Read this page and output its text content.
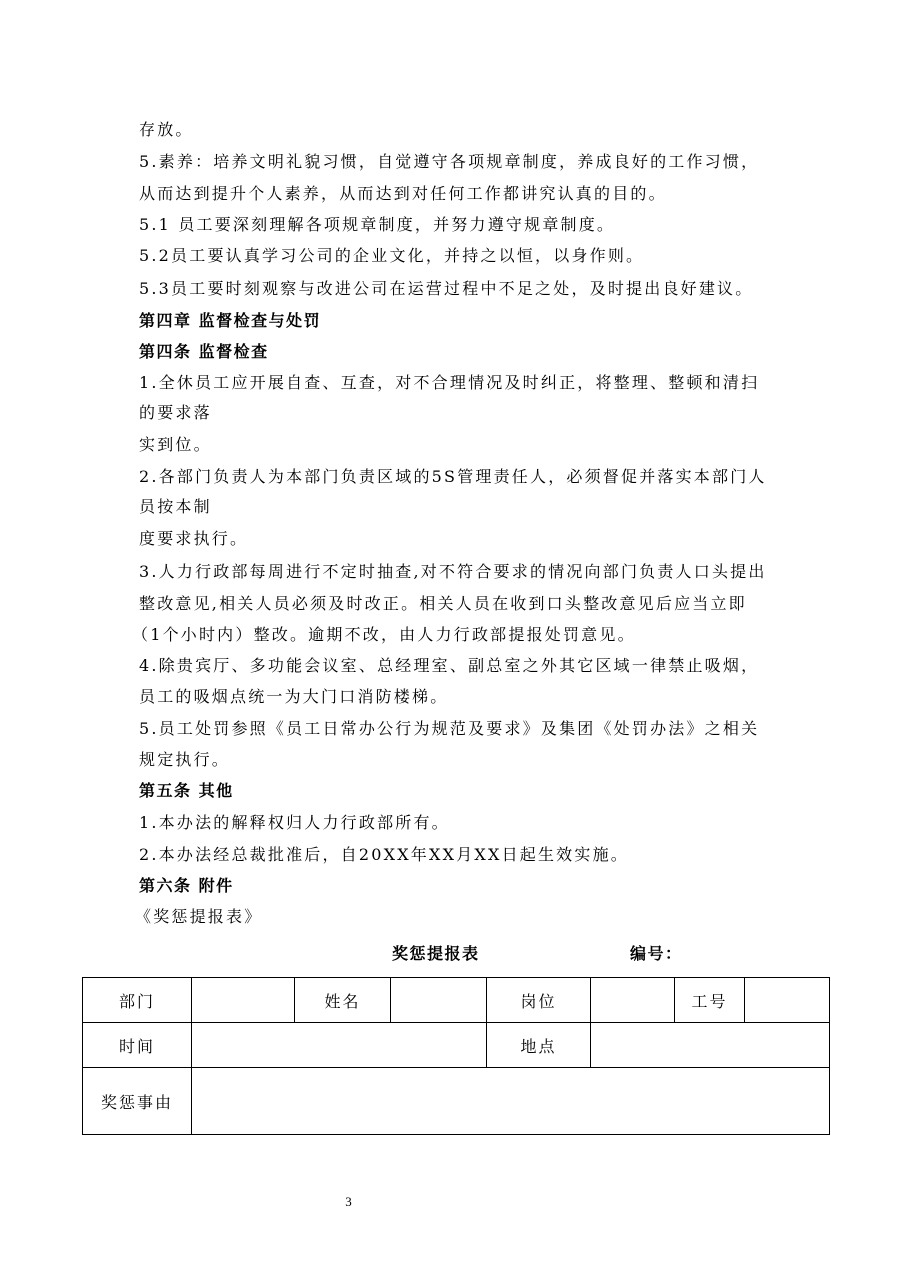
存放。
5.素养：培养文明礼貌习惯，自觉遵守各项规章制度，养成良好的工作习惯，
从而达到提升个人素养，从而达到对任何工作都讲究认真的目的。
5.1 员工要深刻理解各项规章制度，并努力遵守规章制度。
5.2员工要认真学习公司的企业文化，并持之以恒，以身作则。
5.3员工要时刻观察与改进公司在运营过程中不足之处，及时提出良好建议。
第四章 监督检查与处罚
第四条 监督检查
1.全休员工应开展自查、互查，对不合理情况及时纠正，将整理、整顿和清扫
的要求落
实到位。
2.各部门负责人为本部门负责区域的5S管理责任人，必须督促并落实本部门人
员按本制
度要求执行。
3.人力行政部每周进行不定时抽查,对不符合要求的情况向部门负责人口头提出
整改意见,相关人员必须及时改正。相关人员在收到口头整改意见后应当立即
（1个小时内）整改。逾期不改，由人力行政部提报处罚意见。
4.除贵宾厅、多功能会议室、总经理室、副总室之外其它区域一律禁止吸烟，
员工的吸烟点统一为大门口消防楼梯。
5.员工处罚参照《员工日常办公行为规范及要求》及集团《处罚办法》之相关
规定执行。
第五条 其他
1.本办法的解释权归人力行政部所有。
2.本办法经总裁批准后，自20XX年XX月XX日起生效实施。
第六条 附件
《奖惩提报表》
奖惩提报表	编号：
部门		姓名		岗位		工号	
时间				地点			
奖惩事由							
3
